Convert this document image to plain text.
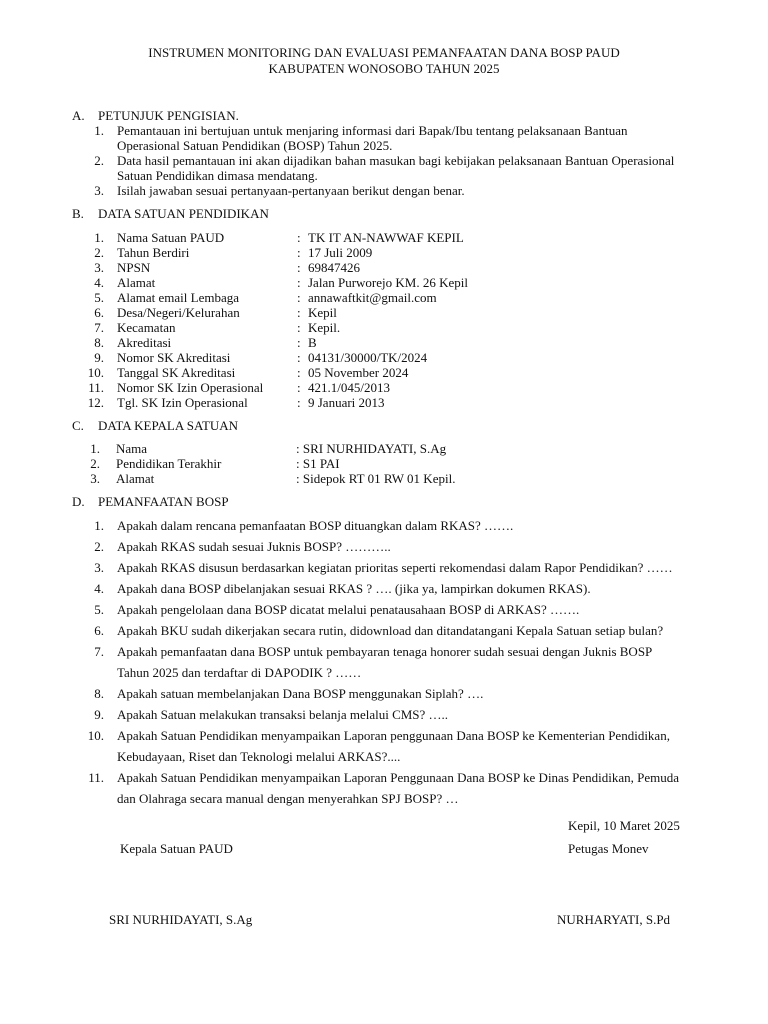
INSTRUMEN MONITORING DAN EVALUASI PEMANFAATAN DANA BOSP PAUD
KABUPATEN WONOSOBO TAHUN 2025
A. PETUNJUK PENGISIAN.
1. Pemantauan ini bertujuan untuk menjaring informasi dari Bapak/Ibu tentang pelaksanaan Bantuan
Operasional Satuan Pendidikan (BOSP) Tahun 2025.
2. Data hasil pemantauan ini akan dijadikan bahan masukan bagi kebijakan pelaksanaan Bantuan Operasional
Satuan Pendidikan dimasa mendatang.
3. Isilah jawaban sesuai pertanyaan-pertanyaan berikut dengan benar.
B. DATA SATUAN PENDIDIKAN
1. Nama Satuan PAUD	: TK IT AN-NAWWAF KEPIL
2. Tahun Berdiri	: 17 Juli 2009
3. NPSN	: 69847426
4. Alamat	: Jalan Purworejo KM. 26 Kepil
5. Alamat email Lembaga	: annawaftkit@gmail.com
6. Desa/Negeri/Kelurahan	: Kepil
7. Kecamatan	: Kepil.
8. Akreditasi	: B
9. Nomor SK Akreditasi	: 04131/30000/TK/2024
10. Tanggal SK Akreditasi	: 05 November 2024
11. Nomor SK Izin Operasional	: 421.1/045/2013
12. Tgl. SK Izin Operasional	: 9 Januari 2013
C. DATA KEPALA SATUAN
1. Nama	: SRI NURHIDAYATI, S.Ag
2. Pendidikan Terakhir	: S1 PAI
3. Alamat	: Sidepok RT 01 RW 01 Kepil.
D. PEMANFAATAN BOSP
1. Apakah dalam rencana pemanfaatan BOSP dituangkan dalam RKAS? …….
2. Apakah RKAS sudah sesuai Juknis BOSP? ………..
3. Apakah RKAS disusun berdasarkan kegiatan prioritas seperti rekomendasi dalam Rapor Pendidikan? ……
4. Apakah dana BOSP dibelanjakan sesuai RKAS ? …. (jika ya, lampirkan dokumen RKAS).
5. Apakah pengelolaan dana BOSP dicatat melalui penatausahaan BOSP di ARKAS? …….
6. Apakah BKU sudah dikerjakan secara rutin, didownload dan ditandatangani Kepala Satuan setiap bulan?
7. Apakah pemanfaatan dana BOSP untuk pembayaran tenaga honorer sudah sesuai dengan Juknis BOSP
Tahun 2025 dan terdaftar di DAPODIK ? ……
8. Apakah satuan membelanjakan Dana BOSP menggunakan Siplah? ….
9. Apakah Satuan melakukan transaksi belanja melalui CMS? …..
10. Apakah Satuan Pendidikan menyampaikan Laporan penggunaan Dana BOSP ke Kementerian Pendidikan,
Kebudayaan, Riset dan Teknologi melalui ARKAS?....
11. Apakah Satuan Pendidikan menyampaikan Laporan Penggunaan Dana BOSP ke Dinas Pendidikan, Pemuda
dan Olahraga secara manual dengan menyerahkan SPJ BOSP? …
Kepil, 10 Maret 2025
Kepala Satuan PAUD	Petugas Monev
SRI NURHIDAYATI, S.Ag	NURHARYATI, S.Pd
